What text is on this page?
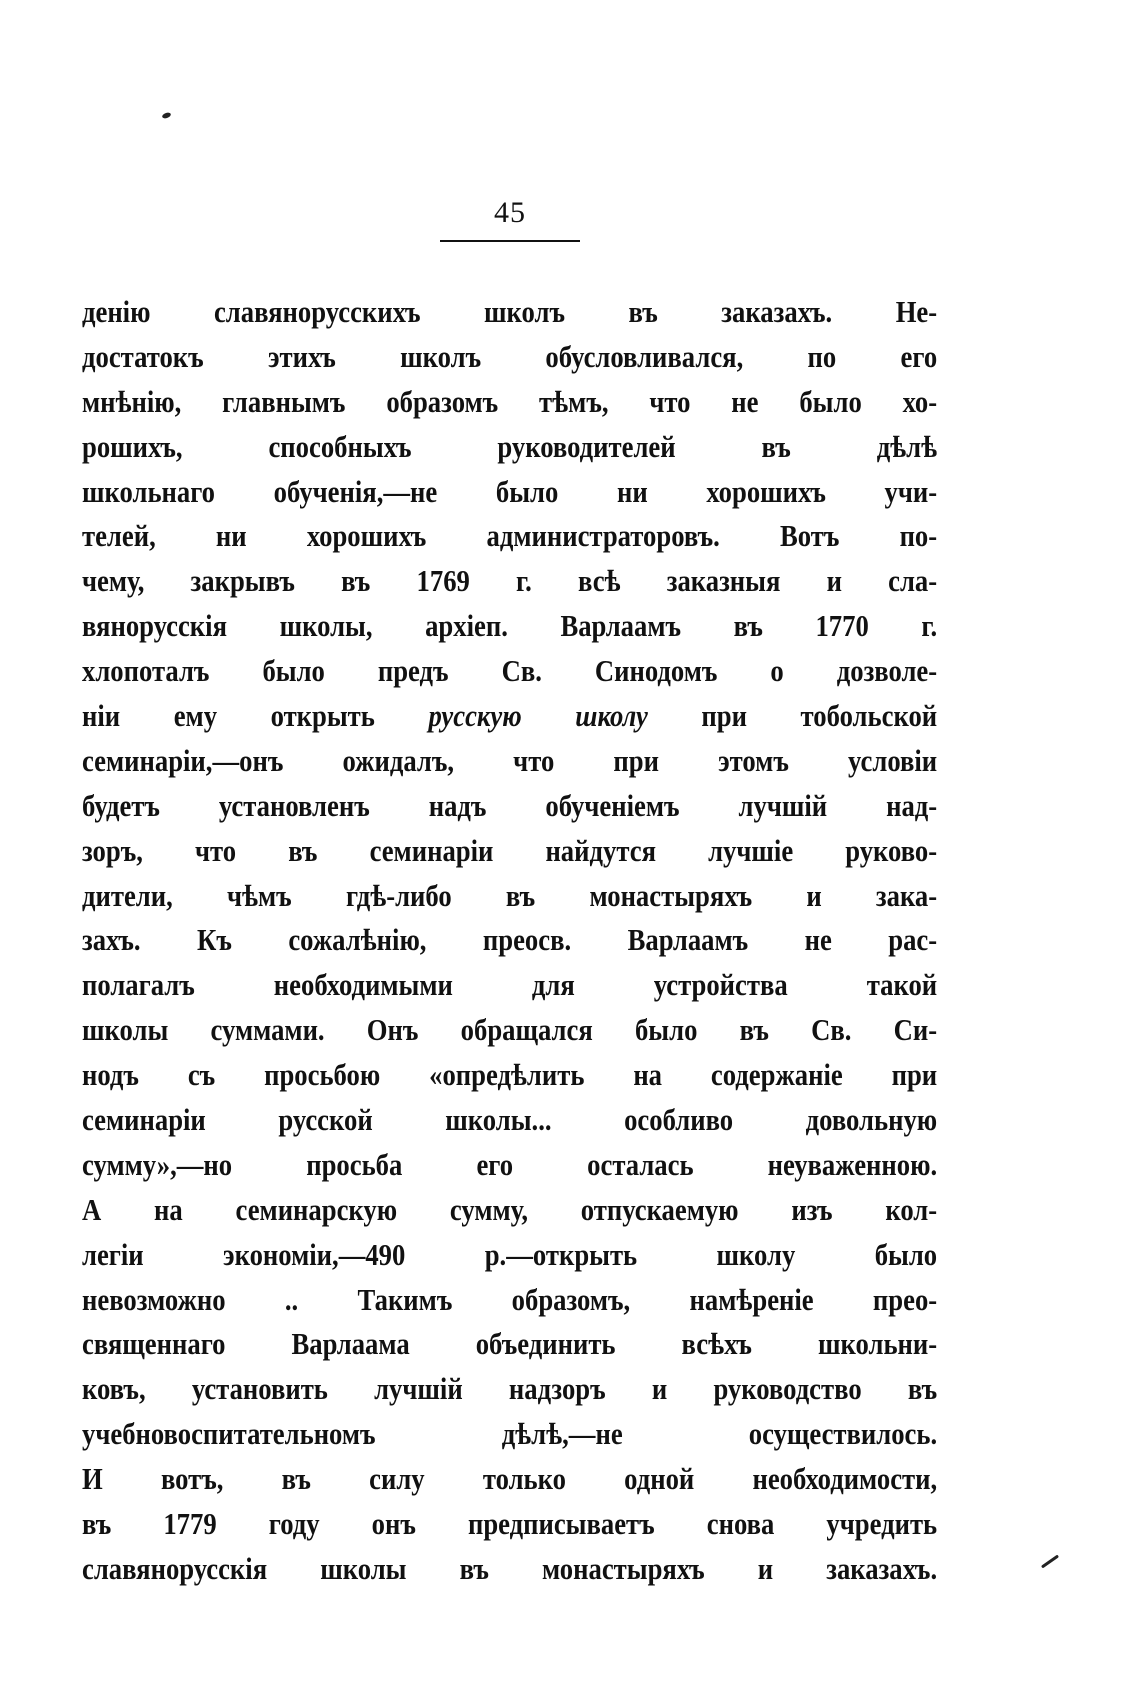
45
денiю славянорусскихъ школъ въ заказахъ. Не-
достатокъ этихъ школъ обусловливался, по его
мнѣнiю, главнымъ образомъ тѣмъ, что не было хо-
рошихъ, способныхъ руководителей въ дѣлѣ
школьнаго обученiя,—не было ни хорошихъ учи-
телей, ни хорошихъ администраторовъ. Вотъ по-
чему, закрывъ въ 1769 г. всѣ заказныя и сла-
вянорусскiя школы, архiеп. Варлаамъ въ 1770 г.
хлопоталъ было предъ Св. Синодомъ о дозволе-
нiи ему открыть русскую школу при тобольской
семинарiи,—онъ ожидалъ, что при этомъ условiи
будетъ установленъ надъ обученiемъ лучшiй над-
зоръ, что въ семинарiи найдутся лучшiе руково-
дители, чѣмъ гдѣ-либо въ монастыряхъ и зака-
захъ. Къ сожалѣнiю, преосв. Варлаамъ не рас-
полагалъ необходимыми для устройства такой
школы суммами. Онъ обращался было въ Св. Си-
нодъ съ просьбою «опредѣлить на содержанiе при
семинарiи русской школы... особливо довольную
сумму»,—но просьба его осталась неуваженною.
А на семинарскую сумму, отпускаемую изъ кол-
легiи экономiи,—490 р.—открыть школу было
невозможно .. Такимъ образомъ, намѣренiе прео-
священнаго Варлаама объединить всѣхъ школьни-
ковъ, установить лучшiй надзоръ и руководство въ
учебновоспитательномъ дѣлѣ,—не осуществилось.
И вотъ, въ силу только одной необходимости,
въ 1779 году онъ предписываетъ снова учредить
славянорусскiя школы въ монастыряхъ и заказахъ.
